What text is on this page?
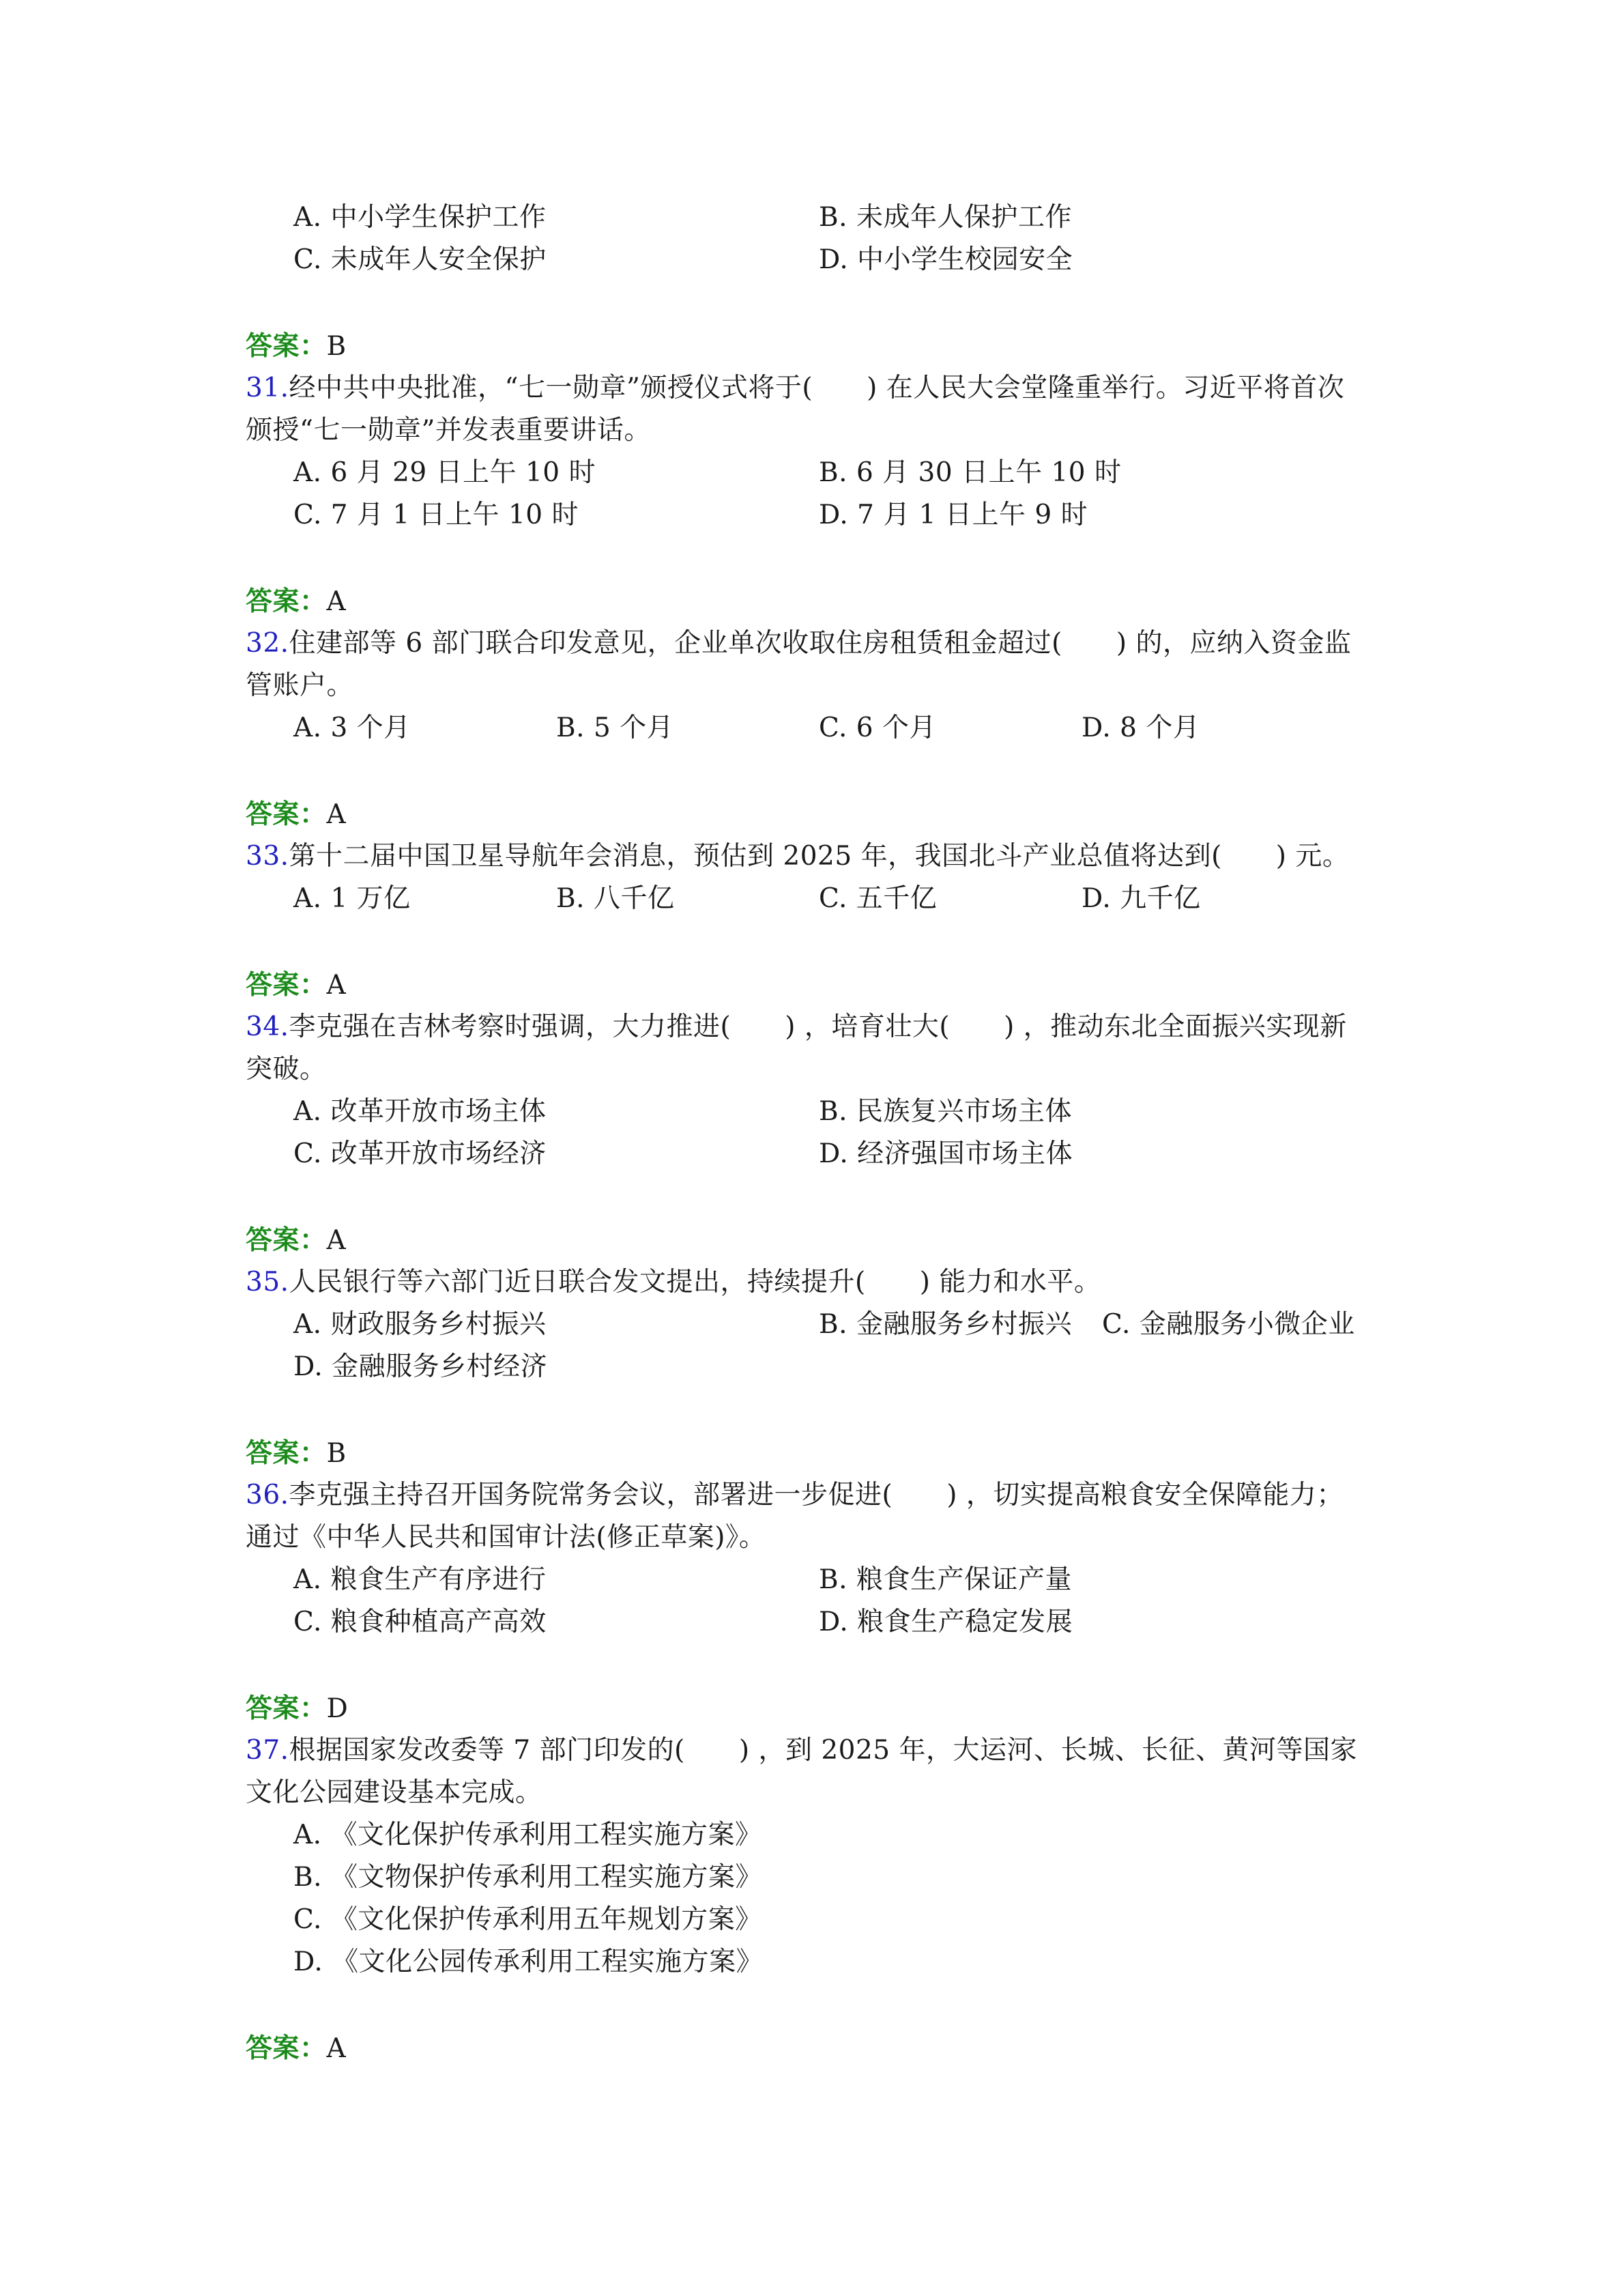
A. 中小学生保护工作	B. 未成年人保护工作
C. 未成年人安全保护	D. 中小学生校园安全
答案：B
31.经中共中央批准，“七一勋章”颁授仪式将于(　　) 在人民大会堂隆重举行。习近平将首次
颁授“七一勋章”并发表重要讲话。
A. 6 月 29 日上午 10 时	B. 6 月 30 日上午 10 时
C. 7 月 1 日上午 10 时	D. 7 月 1 日上午 9 时
答案：A
32.住建部等 6 部门联合印发意见，企业单次收取住房租赁租金超过(　　) 的，应纳入资金监
管账户。
A. 3 个月	B. 5 个月	C. 6 个月	D. 8 个月
答案：A
33.第十二届中国卫星导航年会消息，预估到 2025 年，我国北斗产业总值将达到(　　) 元。
A. 1 万亿	B. 八千亿	C. 五千亿	D. 九千亿
答案：A
34.李克强在吉林考察时强调，大力推进(　　) ，培育壮大(　　) ，推动东北全面振兴实现新
突破。
A. 改革开放市场主体	B. 民族复兴市场主体
C. 改革开放市场经济	D. 经济强国市场主体
答案：A
35.人民银行等六部门近日联合发文提出，持续提升(　　) 能力和水平。
A. 财政服务乡村振兴	B. 金融服务乡村振兴 C. 金融服务小微企业
D. 金融服务乡村经济
答案：B
36.李克强主持召开国务院常务会议，部署进一步促进(　　) ，切实提高粮食安全保障能力；
通过《中华人民共和国审计法(修正草案)》。
A. 粮食生产有序进行	B. 粮食生产保证产量
C. 粮食种植高产高效	D. 粮食生产稳定发展
答案：D
37.根据国家发改委等 7 部门印发的(　　) ，到 2025 年，大运河、长城、长征、黄河等国家
文化公园建设基本完成。
A. 《文化保护传承利用工程实施方案》
B. 《文物保护传承利用工程实施方案》
C. 《文化保护传承利用五年规划方案》
D. 《文化公园传承利用工程实施方案》
答案：A
